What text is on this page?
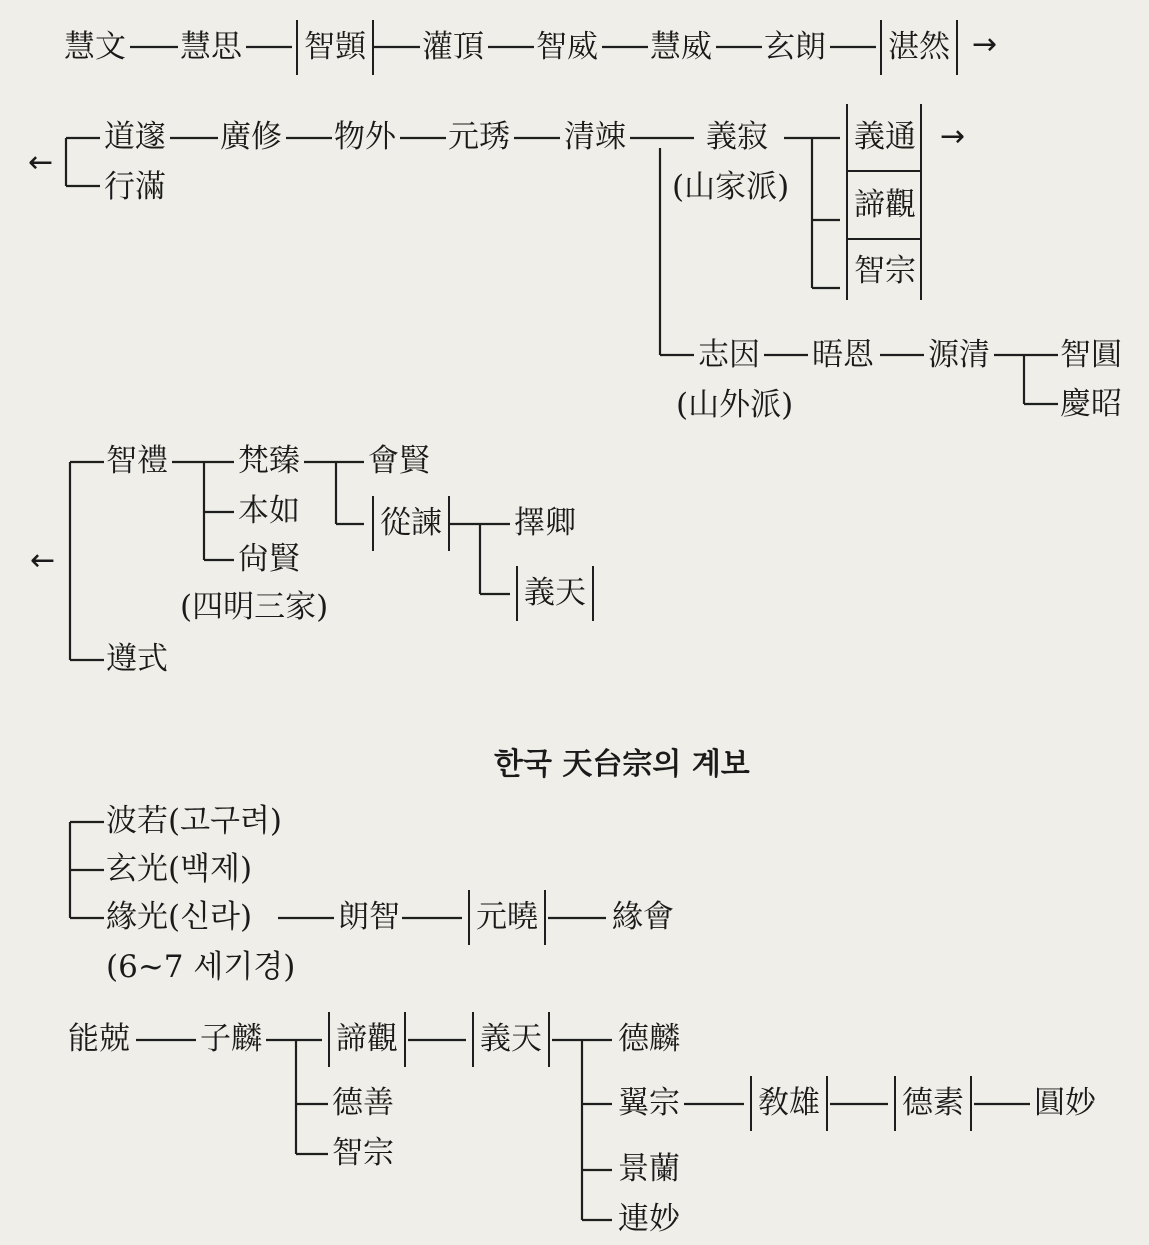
慧文 慧思 智顗 灌頂 智威 慧威 玄朗 湛然 →
←
道邃 廣修 物外 元琇 清竦	義寂
行滿	(山家派)
義通
諦觀
智宗
→
志因 晤恩 源清 智圓
慶昭
(山外派)
←
智禮 梵臻
本如
尙賢
會賢
從諫 擇卿
義天
(四明三家)
遵式
한국 天台宗의 계보
波若(고구려)
玄光(백제)
緣光(신라)	朗智 元曉 緣會
(6~7 세기경)
能兢 子麟 諦觀
德善
智宗
義天 德麟
翼宗	敎雄	德素 圓妙
景蘭
連妙
